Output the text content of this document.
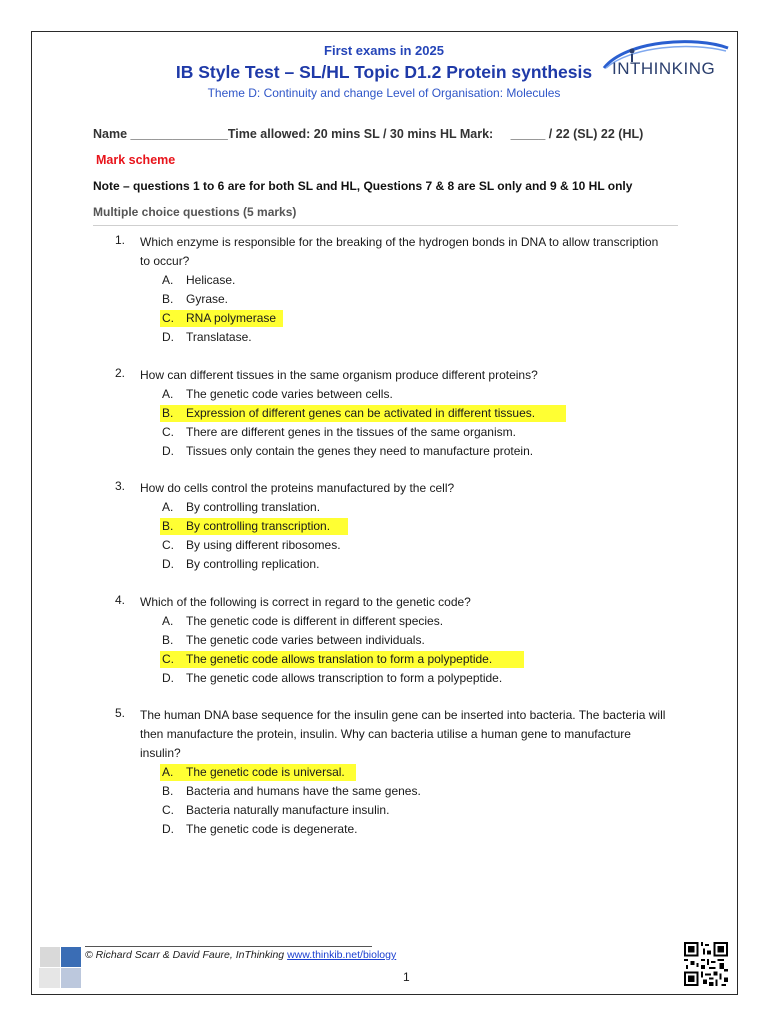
First exams in 2025
IB Style Test – SL/HL Topic D1.2 Protein synthesis
Theme D: Continuity and change Level of Organisation: Molecules
INTHINKING
Name ______________Time allowed: 20 mins SL / 30 mins HL Mark:     _____ / 22 (SL) 22 (HL)
Mark scheme
Note – questions 1 to 6 are for both SL and HL, Questions 7 & 8 are SL only and 9 & 10 HL only
Multiple choice questions (5 marks)
1. Which enzyme is responsible for the breaking of the hydrogen bonds in DNA to allow transcription to occur?
A. Helicase.
B. Gyrase.
C. RNA polymerase
D. Translatase.
2. How can different tissues in the same organism produce different proteins?
A. The genetic code varies between cells.
B. Expression of different genes can be activated in different tissues.
C. There are different genes in the tissues of the same organism.
D. Tissues only contain the genes they need to manufacture protein.
3. How do cells control the proteins manufactured by the cell?
A. By controlling translation.
B. By controlling transcription.
C. By using different ribosomes.
D. By controlling replication.
4. Which of the following is correct in regard to the genetic code?
A. The genetic code is different in different species.
B. The genetic code varies between individuals.
C. The genetic code allows translation to form a polypeptide.
D. The genetic code allows transcription to form a polypeptide.
5. The human DNA base sequence for the insulin gene can be inserted into bacteria. The bacteria will then manufacture the protein, insulin. Why can bacteria utilise a human gene to manufacture insulin?
A. The genetic code is universal.
B. Bacteria and humans have the same genes.
C. Bacteria naturally manufacture insulin.
D. The genetic code is degenerate.
© Richard Scarr & David Faure, InThinking www.thinkib.net/biology
1
